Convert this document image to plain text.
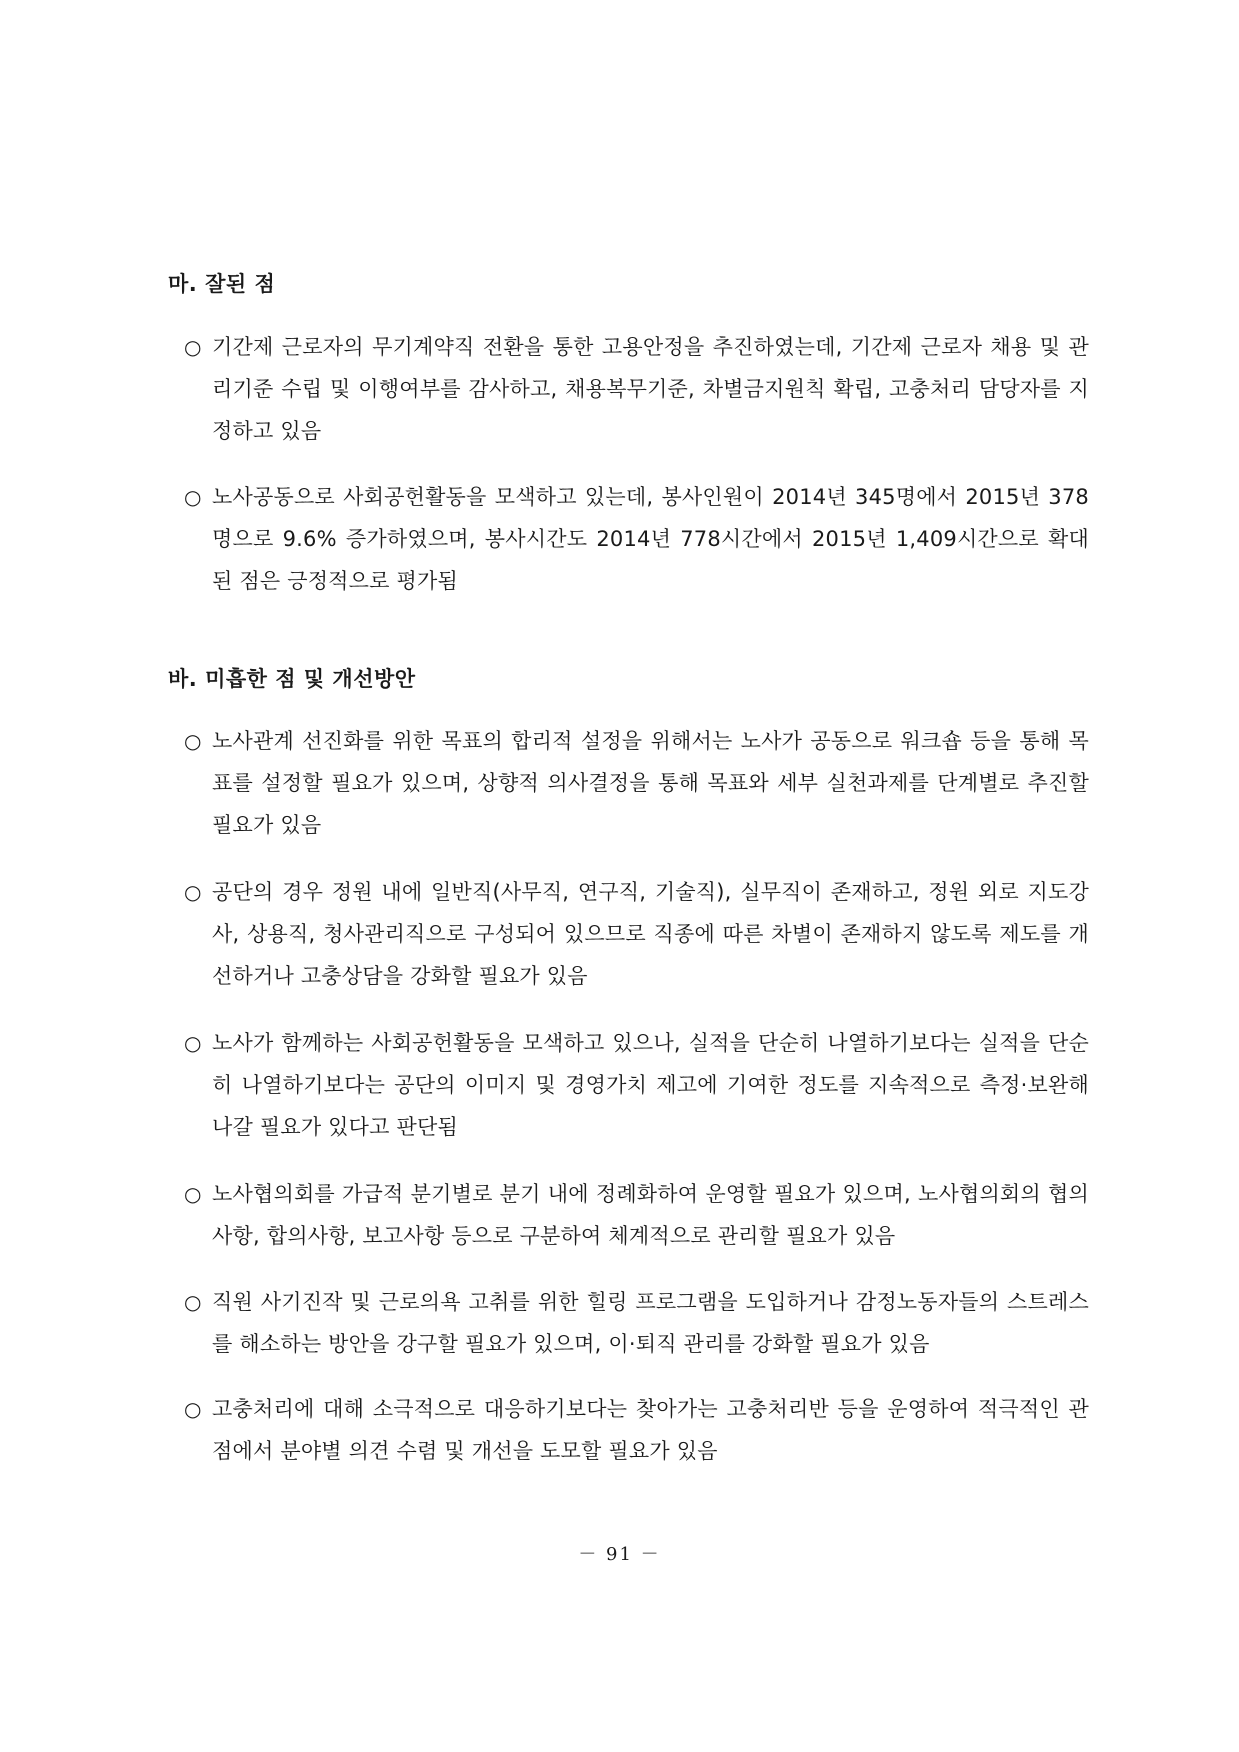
마. 잘된 점
○ 기간제 근로자의 무기계약직 전환을 통한 고용안정을 추진하였는데, 기간제 근로자 채용 및 관리기준 수립 및 이행여부를 감사하고, 채용복무기준, 차별금지원칙 확립, 고충처리 담당자를 지정하고 있음

○ 노사공동으로 사회공헌활동을 모색하고 있는데, 봉사인원이 2014년 345명에서 2015년 378명으로 9.6% 증가하였으며, 봉사시간도 2014년 778시간에서 2015년 1,409시간으로 확대된 점은 긍정적으로 평가됨

바. 미흡한 점 및 개선방안
○ 노사관계 선진화를 위한 목표의 합리적 설정을 위해서는 노사가 공동으로 워크숍 등을 통해 목표를 설정할 필요가 있으며, 상향적 의사결정을 통해 목표와 세부 실천과제를 단계별로 추진할 필요가 있음

○ 공단의 경우 정원 내에 일반직(사무직, 연구직, 기술직), 실무직이 존재하고, 정원 외로 지도강사, 상용직, 청사관리직으로 구성되어 있으므로 직종에 따른 차별이 존재하지 않도록 제도를 개선하거나 고충상담을 강화할 필요가 있음

○ 노사가 함께하는 사회공헌활동을 모색하고 있으나, 실적을 단순히 나열하기보다는 실적을 단순히 나열하기보다는 공단의 이미지 및 경영가치 제고에 기여한 정도를 지속적으로 측정·보완해 나갈 필요가 있다고 판단됨

○ 노사협의회를 가급적 분기별로 분기 내에 정례화하여 운영할 필요가 있으며, 노사협의회의 협의사항, 합의사항, 보고사항 등으로 구분하여 체계적으로 관리할 필요가 있음

○ 직원 사기진작 및 근로의욕 고취를 위한 힐링 프로그램을 도입하거나 감정노동자들의 스트레스를 해소하는 방안을 강구할 필요가 있으며, 이·퇴직 관리를 강화할 필요가 있음

○ 고충처리에 대해 소극적으로 대응하기보다는 찾아가는 고충처리반 등을 운영하여 적극적인 관점에서 분야별 의견 수렴 및 개선을 도모할 필요가 있음

－ 91 －
